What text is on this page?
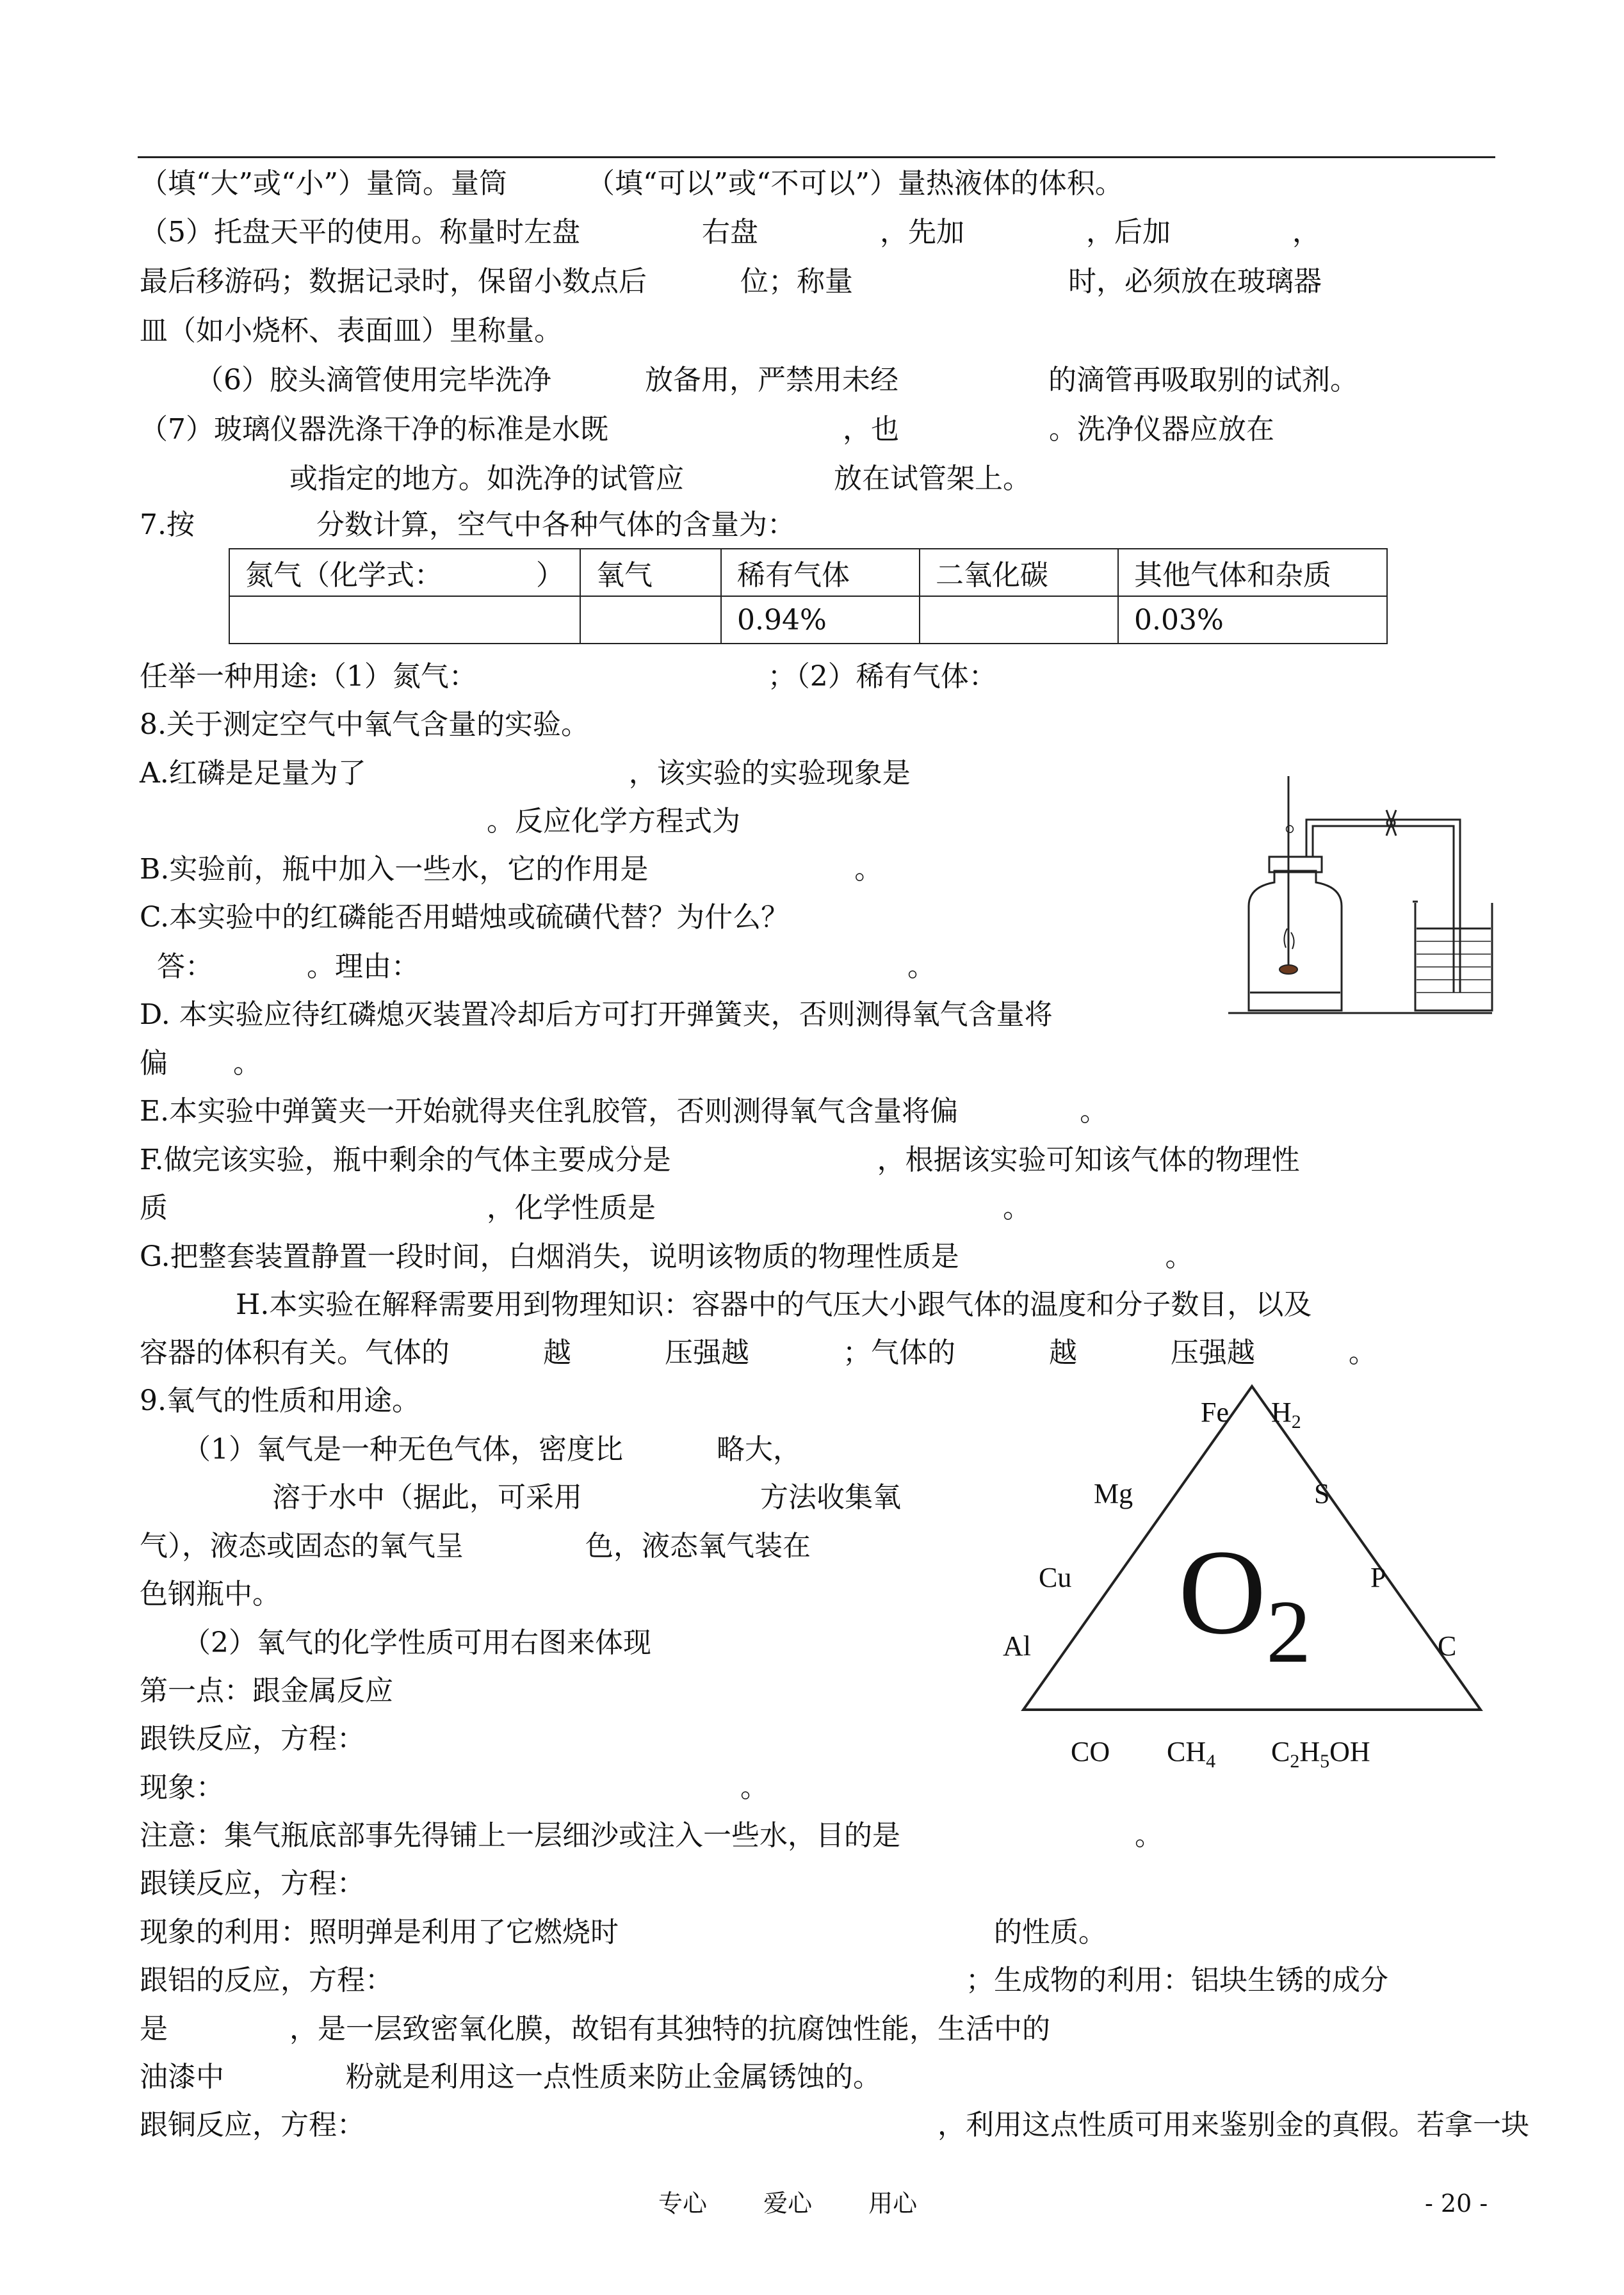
（填“大”或“小”）量筒。量筒 　　　（填“可以”或“不可以”）量热液体的体积。
（5）托盘天平的使用。称量时左盘 　　　　右盘 　　　　，先加 　　　　，后加 　　　　，
最后移游码；数据记录时，保留小数点后 　　　位；称量 　　　　　　　 时，必须放在玻璃器
皿（如小烧杯、表面皿）里称量。
（6）胶头滴管使用完毕洗净 　　　放备用，严禁用未经 　　　　　的滴管再吸取别的试剂。
（7）玻璃仪器洗涤干净的标准是水既 　　　　　　　　，也 　　　　　。洗净仪器应放在
或指定的地方。如洗净的试管应 　　　　　放在试管架上。
7.按 　　　　分数计算，空气中各种气体的含量为：
氮气（化学式： 　　　）	氧气	稀有气体	二氧化碳	其他气体和杂质
		0.94%		0.03%
任举一种用途:（1）氮气： 　　　　　　　　　　；（2）稀有气体：
8.关于测定空气中氧气含量的实验。
A.红磷是足量为了 　　　　　　　　　，该实验的实验现象是
。反应化学方程式为 　　　　　　　　　　　　　　　　　　　。
B.实验前，瓶中加入一些水，它的作用是 　　　　　　　。
C.本实验中的红磷能否用蜡烛或硫磺代替？为什么？
答： 　　　。理由： 　　　　　　　　　　　　　　　　　。
D. 本实验应待红磷熄灭装置冷却后方可打开弹簧夹，否则测得氧气含量将
偏 　　。
E.本实验中弹簧夹一开始就得夹住乳胶管，否则测得氧气含量将偏 　　　　。
F.做完该实验，瓶中剩余的气体主要成分是 　　　　　　　，根据该实验可知该气体的物理性
质 　　　　　　　　　　　，化学性质是 　　　　　　　　　　　　。
G.把整套装置静置一段时间，白烟消失，说明该物质的物理性质是 　　　　　　　。
H.本实验在解释需要用到物理知识：容器中的气压大小跟气体的温度和分子数目，以及
容器的体积有关。气体的 　　　越 　　　压强越 　　　；气体的 　　　越 　　　压强越 　　　。
9.氧气的性质和用途。
（1）氧气是一种无色气体，密度比 　　　略大，
溶于水中（据此，可采用 　　　　　　方法收集氧
气），液态或固态的氧气呈 　　　　色，液态氧气装在
色钢瓶中。
（2）氧气的化学性质可用右图来体现
第一点：跟金属反应
跟铁反应，方程：
现象： 　　　　　　　　　　　　　　　　　　。
注意：集气瓶底部事先得铺上一层细沙或注入一些水，目的是 　　　　　　　　。
跟镁反应，方程：
现象的利用：照明弹是利用了它燃烧时 　　　　　　　　　　　　　的性质。
跟铝的反应，方程： 　　　　　　　　　　　　　　　　　　　　；生成物的利用：铝块生锈的成分
是 　　　　，是一层致密氧化膜，故铝有其独特的抗腐蚀性能，生活中的
油漆中 　　　　粉就是利用这一点性质来防止金属锈蚀的。
跟铜反应，方程： 　　　　　　　　　　　　　　　　　　　　，利用这点性质可用来鉴别金的真假。若拿一块
Fe $H_2$
Mg	S
Cu	P
Al	C
$O_2$
CO $CH_4$ $C_2H_5OH$
专心 　　爱心 　　用心	- 20 -
